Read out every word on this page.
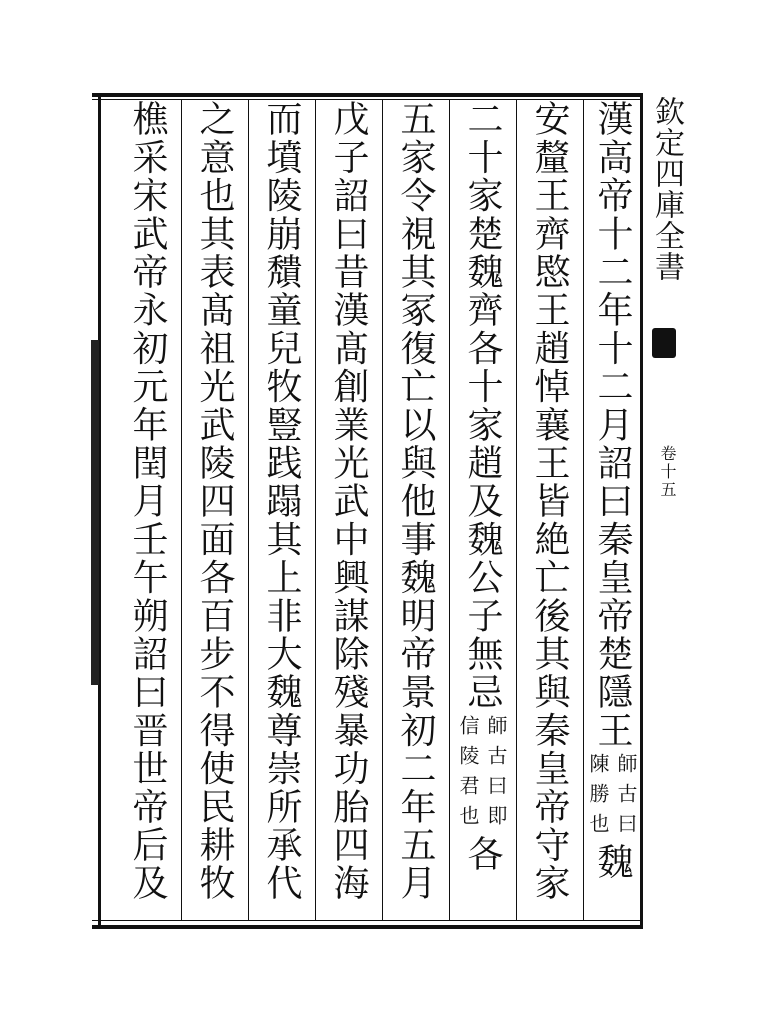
欽定四庫全書
卷十五
漢高帝十二年十二月詔曰秦皇帝楚隱王
師古曰
陳勝也
魏
安釐王齊愍王趙悼襄王皆絶亡後其與秦皇帝守家
二十家楚魏齊各十家趙及魏公子無忌
師古曰即
信陵君也
各
五家令視其冢復亡以與他事魏明帝景初二年五月
戊子詔曰昔漢髙創業光武中興謀除殘暴功胎四海
而墳陵崩穨童兒牧豎践蹋其上非大魏尊崇所承代
之意也其表髙祖光武陵四面各百步不得使民耕牧
樵采宋武帝永初元年閏月壬午朔詔曰晋世帝后及
